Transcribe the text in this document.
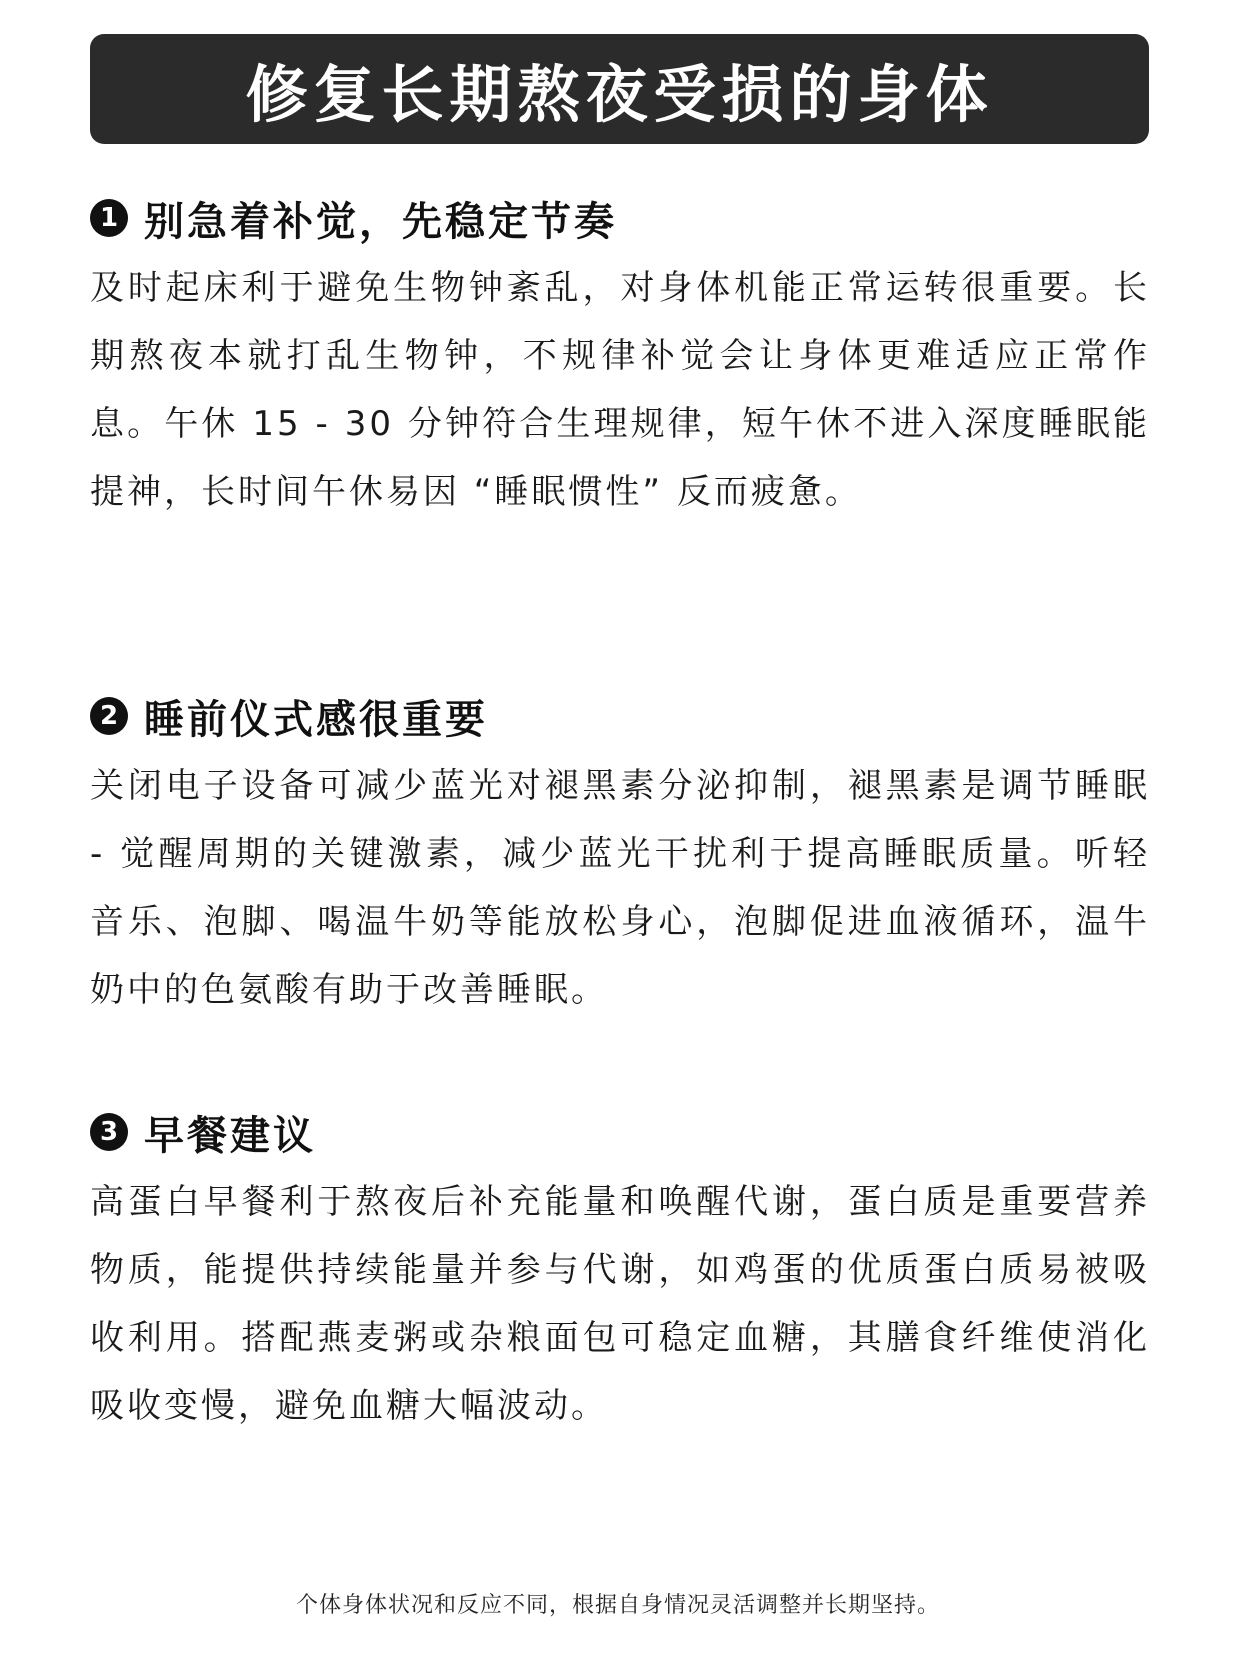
修复长期熬夜受损的身体
1 别急着补觉，先稳定节奏

及时起床利于避免生物钟紊乱，对身体机能正常运转很重要。长期熬夜本就打乱生物钟，不规律补觉会让身体更难适应正常作息。午休 15 - 30 分钟符合生理规律，短午休不进入深度睡眠能提神，长时间午休易因 “睡眠惯性” 反而疲惫。

2 睡前仪式感很重要

关闭电子设备可减少蓝光对褪黑素分泌抑制，褪黑素是调节睡眠 - 觉醒周期的关键激素，减少蓝光干扰利于提高睡眠质量。听轻音乐、泡脚、喝温牛奶等能放松身心，泡脚促进血液循环，温牛奶中的色氨酸有助于改善睡眠。

3 早餐建议

高蛋白早餐利于熬夜后补充能量和唤醒代谢，蛋白质是重要营养物质，能提供持续能量并参与代谢，如鸡蛋的优质蛋白质易被吸收利用。搭配燕麦粥或杂粮面包可稳定血糖，其膳食纤维使消化吸收变慢，避免血糖大幅波动。

个体身体状况和反应不同，根据自身情况灵活调整并长期坚持。
